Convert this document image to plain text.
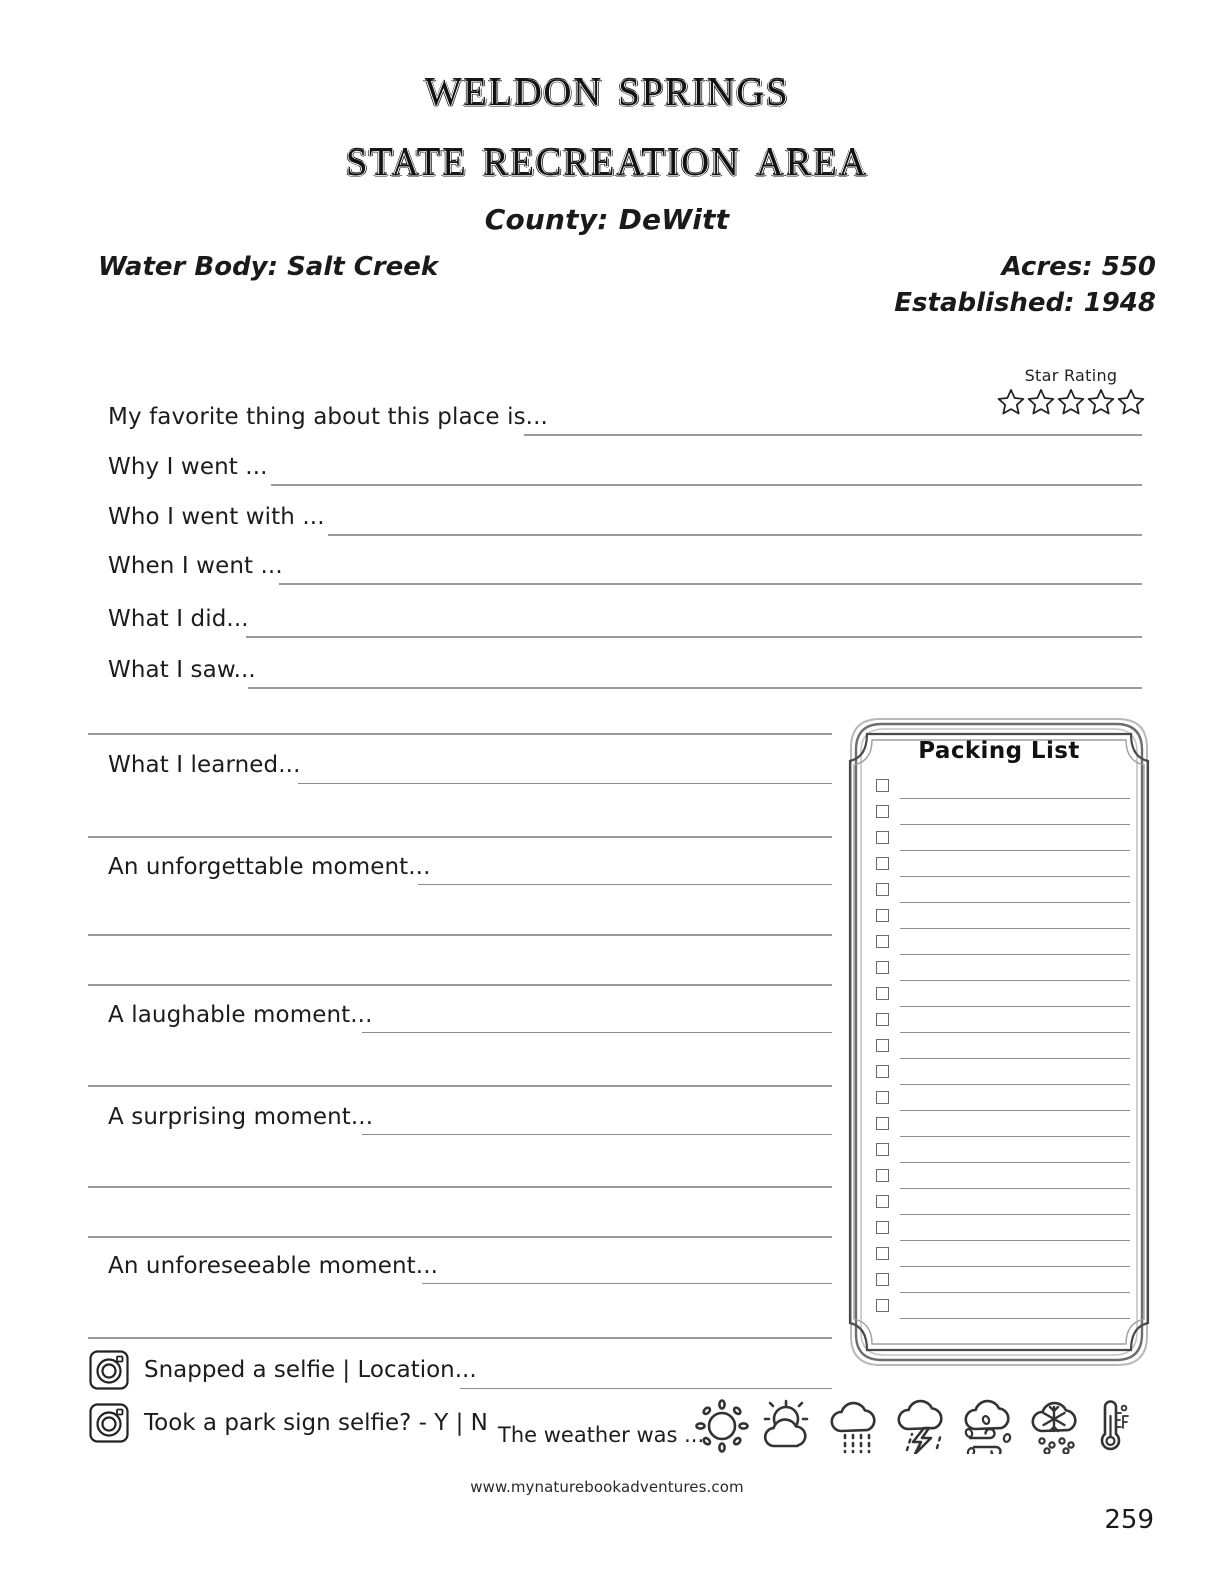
weldon springs
state recreation area
County: DeWitt
Water Body: Salt Creek	Acres: 550
Established: 1948
Star Rating
My favorite thing about this place is...
Why I went ...
Who I went with ...
When I went ...
What I did...
What I saw...
What I learned...
An unforgettable moment...
A laughable moment...
A surprising moment...
An unforeseeable moment...
Packing List
Snapped a selfie | Location...
Took a park sign selfie? - Y | N The weather was ...
www.mynaturebookadventures.com
259
